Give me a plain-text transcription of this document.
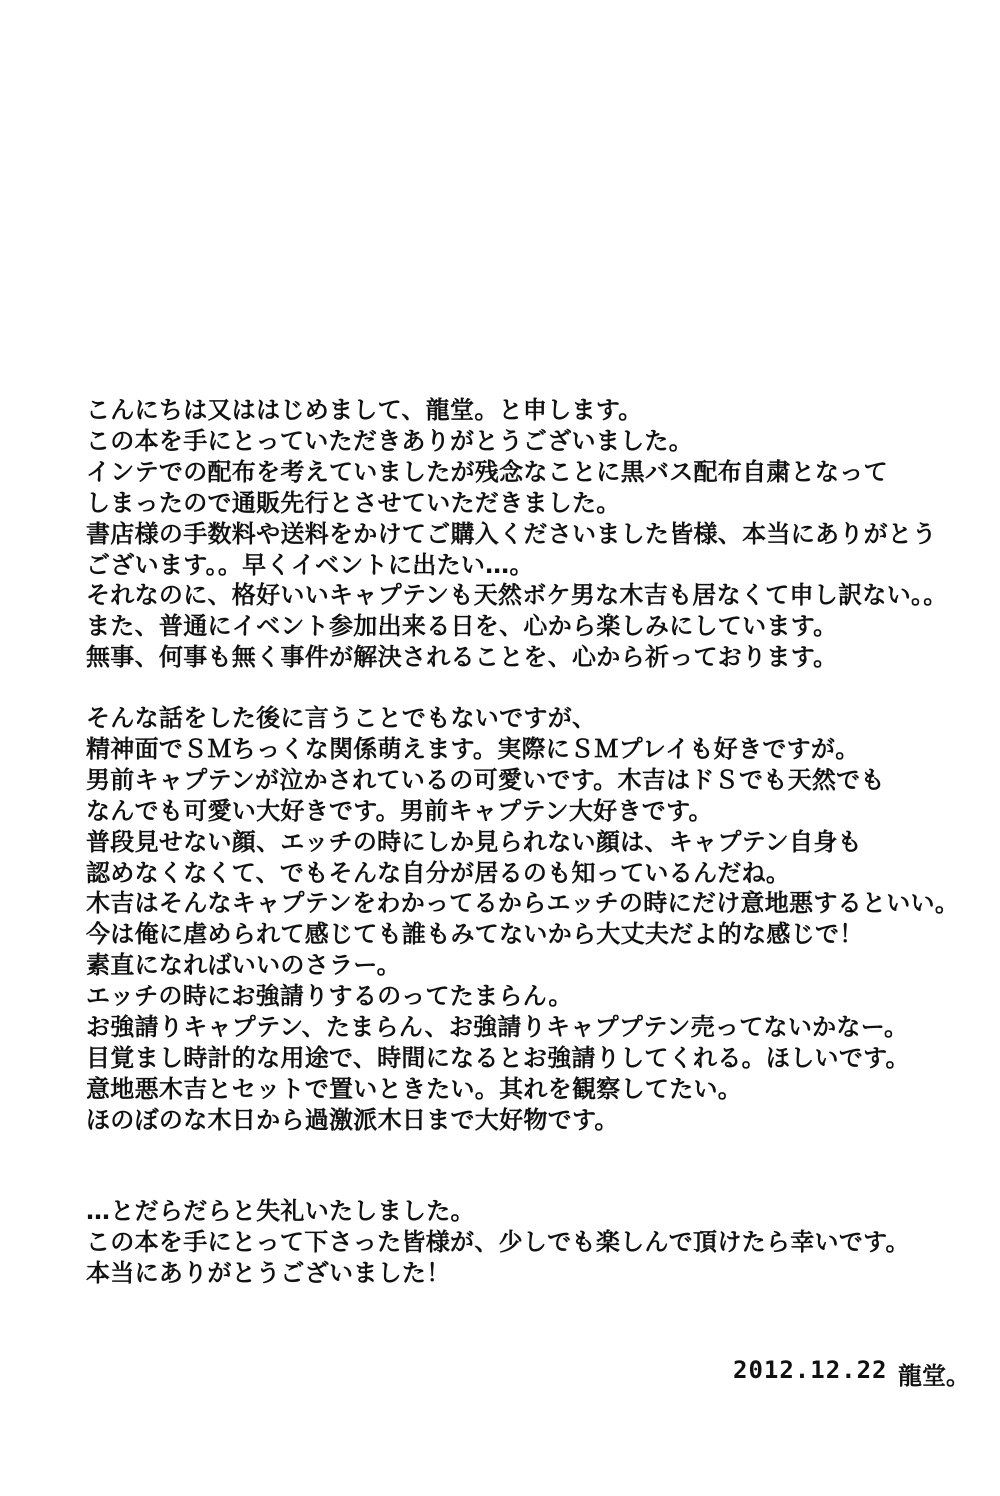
こんにちは又ははじめまして、龍堂。と申します。
この本を手にとっていただきありがとうございました。
インテでの配布を考えていましたが残念なことに黒バス配布自粛となって
しまったので通販先行とさせていただきました。
書店様の手数料や送料をかけてご購入くださいました皆様、本当にありがとう
ございます。。早くイベントに出たい…。
それなのに、格好いいキャプテンも天然ボケ男な木吉も居なくて申し訳ない。。
また、普通にイベント参加出来る日を、心から楽しみにしています。
無事、何事も無く事件が解決されることを、心から祈っております。
そんな話をした後に言うことでもないですが、
精神面でＳＭちっくな関係萌えます。実際にＳＭプレイも好きですが。
男前キャプテンが泣かされているの可愛いです。木吉はドＳでも天然でも
なんでも可愛い大好きです。男前キャプテン大好きです。
普段見せない顔、エッチの時にしか見られない顔は、キャプテン自身も
認めなくなくて、でもそんな自分が居るのも知っているんだね。
木吉はそんなキャプテンをわかってるからエッチの時にだけ意地悪するといい。
今は俺に虐められて感じても誰もみてないから大丈夫だよ的な感じで！
素直になればいいのさラー。
エッチの時にお強請りするのってたまらん。
お強請りキャプテン、たまらん、お強請りキャププテン売ってないかなー。
目覚まし時計的な用途で、時間になるとお強請りしてくれる。ほしいです。
意地悪木吉とセットで置いときたい。其れを観察してたい。
ほのぼのな木日から過激派木日まで大好物です。
…とだらだらと失礼いたしました。
この本を手にとって下さった皆様が、少しでも楽しんで頂けたら幸いです。
本当にありがとうございました！
2012.12.22 龍堂。
